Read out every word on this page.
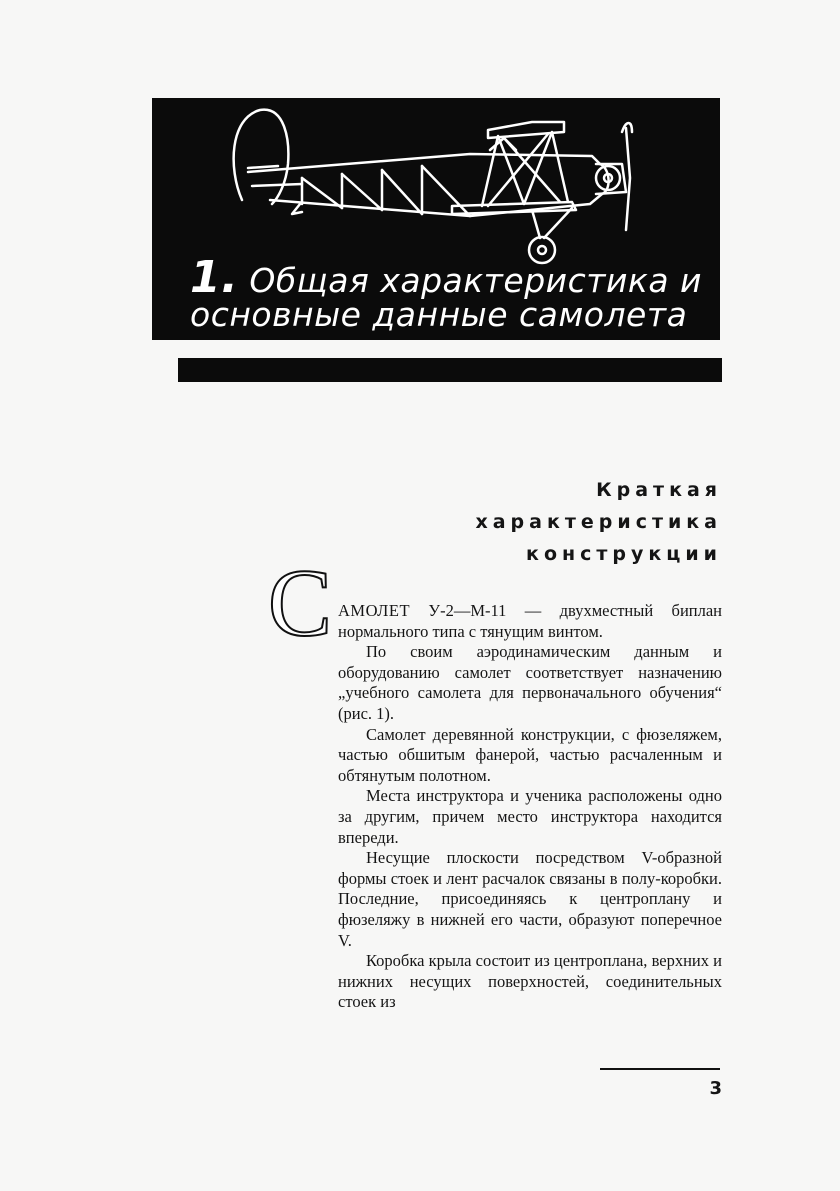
1. Общая характеристика и
основные данные самолета
Краткая
характеристика
конструкции
С АМОЛЕТ У-2—М-11 — двухместный биплан нормального типа с тянущим винтом.

По своим аэродинамическим данным и оборудованию самолет соответствует назначению „учебного самолета для первоначального обучения“ (рис. 1).

Самолет деревянной конструкции, с фюзеляжем, частью обшитым фанерой, частью расчаленным и обтянутым полотном.

Места инструктора и ученика расположены одно за другим, причем место инструктора находится впереди.

Несущие плоскости посредством V-образной формы стоек и лент расчалок связаны в полу-коробки. Последние, присоединяясь к центроплану и фюзеляжу в нижней его части, образуют поперечное V.

Коробка крыла состоит из центроплана, верхних и нижних несущих поверхностей, соединительных стоек из

3
